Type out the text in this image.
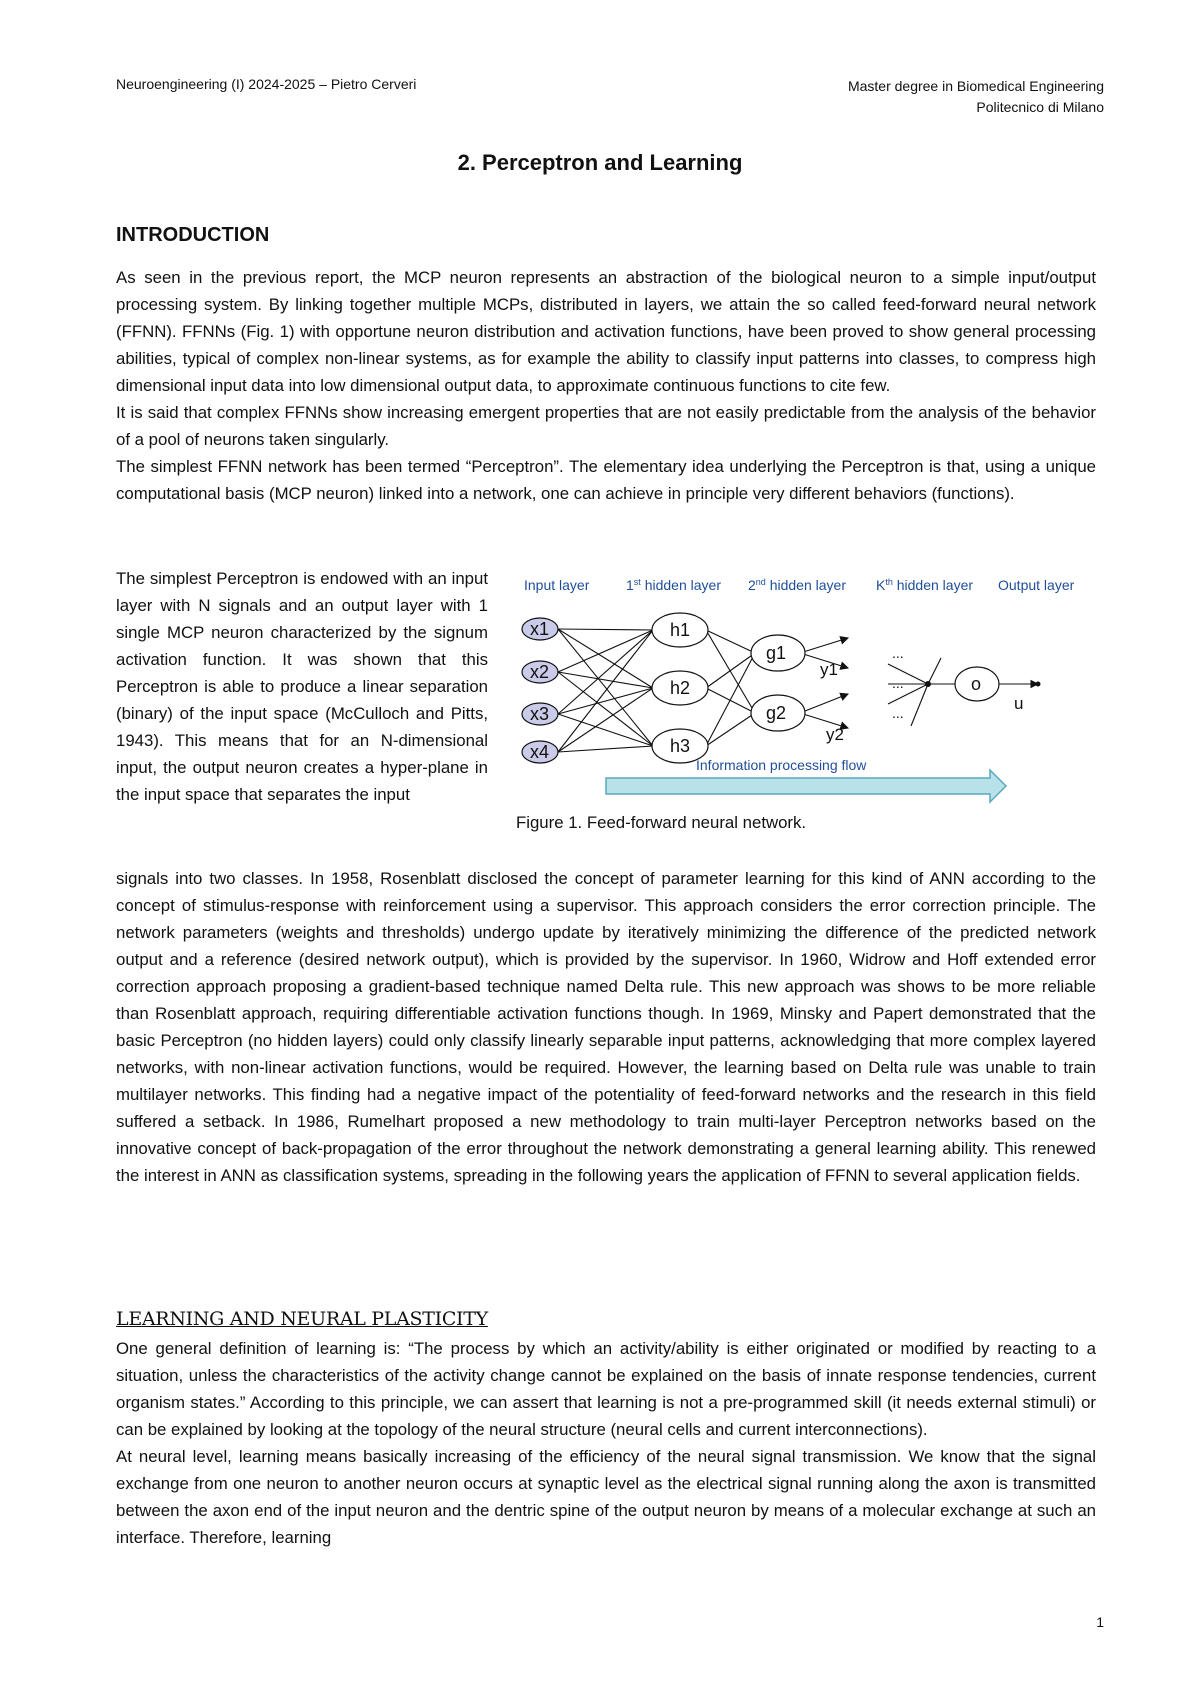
Neuroengineering (I) 2024-2025 – Pietro Cerveri	Master degree in Biomedical Engineering
Politecnico di Milano
2. Perceptron and Learning
INTRODUCTION

As seen in the previous report, the MCP neuron represents an abstraction of the biological neuron to a simple input/output processing system. By linking together multiple MCPs, distributed in layers, we attain the so called feed-forward neural network (FFNN). FFNNs (Fig. 1) with opportune neuron distribution and activation functions, have been proved to show general processing abilities, typical of complex non-linear systems, as for example the ability to classify input patterns into classes, to compress high dimensional input data into low dimensional output data, to approximate continuous functions to cite few.

It is said that complex FFNNs show increasing emergent properties that are not easily predictable from the analysis of the behavior of a pool of neurons taken singularly.

The simplest FFNN network has been termed “Perceptron”. The elementary idea underlying the Perceptron is that, using a unique computational basis (MCP neuron) linked into a network, one can achieve in principle very different behaviors (functions).

The simplest Perceptron is endowed with an input layer with N signals and an output layer with 1 single MCP neuron characterized by the signum activation function. It was shown that this Perceptron is able to produce a linear separation (binary) of the input space (McCulloch and Pitts, 1943). This means that for an N-dimensional input, the output neuron creates a hyper-plane in the input space that separates the input

Input layer	1st hidden layer 2nd hidden layer $K^{th}$ hidden layer Output layer
x1
x2
x3
x4
h1
h2
h3
g1
g2
y1
y2
...
...
...
o
u
Information processing flow
Figure 1. Feed-forward neural network.

signals into two classes. In 1958, Rosenblatt disclosed the concept of parameter learning for this kind of ANN according to the concept of stimulus-response with reinforcement using a supervisor. This approach considers the error correction principle. The network parameters (weights and thresholds) undergo update by iteratively minimizing the difference of the predicted network output and a reference (desired network output), which is provided by the supervisor. In 1960, Widrow and Hoff extended error correction approach proposing a gradient-based technique named Delta rule. This new approach was shows to be more reliable than Rosenblatt approach, requiring differentiable activation functions though. In 1969, Minsky and Papert demonstrated that the basic Perceptron (no hidden layers) could only classify linearly separable input patterns, acknowledging that more complex layered networks, with non-linear activation functions, would be required. However, the learning based on Delta rule was unable to train multilayer networks. This finding had a negative impact of the potentiality of feed-forward networks and the research in this field suffered a setback. In 1986, Rumelhart proposed a new methodology to train multi-layer Perceptron networks based on the innovative concept of back-propagation of the error throughout the network demonstrating a general learning ability. This renewed the interest in ANN as classification systems, spreading in the following years the application of FFNN to several application fields.

LEARNING AND NEURAL PLASTICITY

One general definition of learning is: “The process by which an activity/ability is either originated or modified by reacting to a situation, unless the characteristics of the activity change cannot be explained on the basis of innate response tendencies, current organism states.” According to this principle, we can assert that learning is not a pre-programmed skill (it needs external stimuli) or can be explained by looking at the topology of the neural structure (neural cells and current interconnections).

At neural level, learning means basically increasing of the efficiency of the neural signal transmission. We know that the signal exchange from one neuron to another neuron occurs at synaptic level as the electrical signal running along the axon is transmitted between the axon end of the input neuron and the dentric spine of the output neuron by means of a molecular exchange at such an interface. Therefore, learning

1
